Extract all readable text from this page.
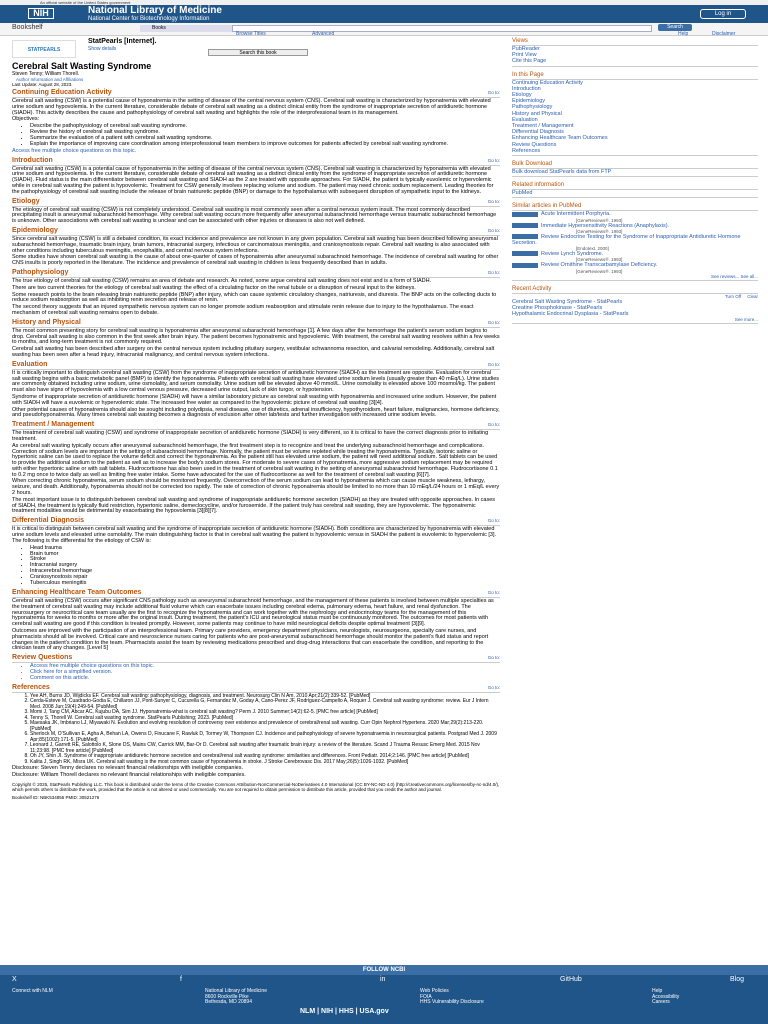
An official website of the United States government
NIH	National Library of Medicine
National Center for Biotechnology Information
Log in
Bookshelf	Books	Search
Browse Titles	Advanced	Help	Disclaimer
STATPEARLS
StatPearls [Internet].
Show details
Search this book
Cerebral Salt Wasting Syndrome
Steven Tenny; William Thorell.
Author Information and Affiliations
Last Update: August 28, 2023.
Continuing Education Activity	Go to:

Cerebral salt wasting (CSW) is a potential cause of hyponatremia in the setting of disease of the central nervous system (CNS). Cerebral salt wasting is characterized by hyponatremia with elevated urine sodium and hypovolemia. In the current literature, considerable debate of cerebral salt wasting as a distinct clinical entity from the syndrome of inappropriate secretion of antidiuretic hormone (SIADH). This activity describes the cause and pathophysiology of cerebral salt wasting and highlights the role of the interprofessional team in its management.

Objectives:

• Describe the pathophysiology of cerebral salt wasting syndrome.
• Review the history of cerebral salt wasting syndrome.
• Summarize the evaluation of a patient with cerebral salt wasting syndrome.
• Explain the importance of improving care coordination among interprofessional team members to improve outcomes for patients affected by cerebral salt wasting syndrome.

Access free multiple choice questions on this topic.

Introduction	Go to:

Cerebral salt wasting (CSW) is a potential cause of hyponatremia in the setting of disease of the central nervous system (CNS). Cerebral salt wasting is characterized by hyponatremia with elevated urine sodium and hypovolemia. In the current literature, considerable debate of cerebral salt wasting as a distinct clinical entity from the syndrome of inappropriate secretion of antidiuretic hormone (SIADH). Fluid status is the main differentiator between cerebral salt wasting and SIADH as the 2 are treated with opposite approaches. For SIADH, the patient is typically euvolemic or hypervolemic while in cerebral salt wasting the patient is hypovolemic. Treatment for CSW generally involves replacing volume and sodium. The patient may need chronic sodium replacement. Leading theories for the pathophysiology of cerebral salt wasting include the release of brain natriuretic peptide (BNP) or damage to the hypothalamus with subsequent disruption of sympathetic input to the kidneys.

Etiology	Go to:

The etiology of cerebral salt wasting (CSW) is not completely understood. Cerebral salt wasting is most commonly seen after a central nervous system insult. The most commonly described precipitating insult is aneurysmal subarachnoid hemorrhage. Why cerebral salt wasting occurs more frequently after aneurysmal subarachnoid hemorrhage versus traumatic subarachnoid hemorrhage is unknown. Other associations with cerebral salt wasting is unclear and can be associated with other injuries or diseases is also not well defined.

Epidemiology	Go to:

Since cerebral salt wasting (CSW) is still a debated condition, its exact incidence and prevalence are not known in any given population. Cerebral salt wasting has been described following aneurysmal subarachnoid hemorrhage, traumatic brain injury, brain tumors, intracranial surgery, infectious or carcinomatous meningitis, and craniosynostosis repair. Cerebral salt wasting is also associated with other conditions including tuberculous meningitis, encephalitis, and central nervous system infections.

Some studies have shown cerebral salt wasting is the cause of about one-quarter of cases of hyponatremia after aneurysmal subarachnoid hemorrhage. The incidence of cerebral salt wasting for other CNS insults is poorly reported in the literature. The incidence and prevalence of cerebral salt wasting in children is less frequently described than in adults.

Pathophysiology	Go to:

The true etiology of cerebral salt wasting (CSW) remains an area of debate and research. As noted, some argue cerebral salt wasting does not exist and is a form of SIADH.

There are two current theories for the etiology of cerebral salt wasting: the effect of a circulating factor on the renal tubule or a disruption of neural input to the kidneys.

Some research points to the brain releasing brain natriuretic peptide (BNP) after injury, which can cause systemic circulatory changes, natriuresis, and diuresis. The BNP acts on the collecting ducts to reduce sodium reabsorption as well as inhibiting renin secretion and release of renin.

The second theory suggests that an injured sympathetic nervous system can no longer promote sodium reabsorption and stimulate renin release due to injury to the hypothalamus. The exact mechanism of cerebral salt wasting remains open to debate.

History and Physical	Go to:

The most common presenting story for cerebral salt wasting is hyponatremia after aneurysmal subarachnoid hemorrhage [1]. A few days after the hemorrhage the patient's serum sodium begins to drop. Cerebral salt wasting is also common in the first week after brain injury. The patient becomes hyponatremic and hypovolemic. With treatment, the cerebral salt wasting resolves within a few weeks to months, and long-term treatment is not commonly required.

Cerebral salt wasting has been described after surgery on the central nervous system including pituitary surgery, vestibular schwannoma resection, and calvarial remodeling. Additionally, cerebral salt wasting has been seen after a head injury, intracranial malignancy, and central nervous system infections.

Evaluation	Go to:

It is critically important to distinguish cerebral salt wasting (CSW) from the syndrome of inappropriate secretion of antidiuretic hormone (SIADH) as the treatment are opposite. Evaluation for cerebral salt wasting begins with a basic metabolic panel (BMP) to identify the hyponatremia. Patients with cerebral salt wasting have elevated urine sodium levels (usually greater than 40 mEq/L). Urine studies are commonly obtained including urine sodium, urine osmolality, and serum osmolality. Urine sodium will be elevated above 40 mmol/L. Urine osmolality is elevated above 100 mosmol/kg. The patient must also have signs of hypovolemia with a low central venous pressure, decreased urine output, lack of skin turgor, or hypotension.

Syndrome of inappropriate secretion of antidiuretic hormone (SIADH) will have a similar laboratory picture as cerebral salt wasting with hyponatremia and increased urine sodium. However, the patient with SIADH will have a euvolemic or hypervolemic state. The increased free water as compared to the hypovolemic picture of cerebral salt wasting [3][4].

Other potential causes of hyponatremia should also be sought including polydipsia, renal disease, use of diuretics, adrenal insufficiency, hypothyroidism, heart failure, malignancies, hormone deficiency, and pseudohyponatremia. Many times cerebral salt wasting becomes a diagnosis of exclusion after other lab/tests and further investigation with increased urine sodium levels.

Treatment / Management	Go to:

The treatment of cerebral salt wasting (CSW) and syndrome of inappropriate secretion of antidiuretic hormone (SIADH) is very different, so it is critical to have the correct diagnosis prior to initiating treatment.

As cerebral salt wasting typically occurs after aneurysmal subarachnoid hemorrhage, the first treatment step is to recognize and treat the underlying subarachnoid hemorrhage and complications. Correction of sodium levels are important in the setting of subarachnoid hemorrhage. Normally, the patient must be volume repleted while treating the hyponatremia. Typically, isotonic saline or hypertonic saline can be used to replace the volume deficit and correct the hyponatremia. As the patient still has elevated urine sodium, the patient will need additional sodium. Salt tablets can be used to provide the additional sodium to the patient as well as to increase the body's sodium stores. For moderate to severe cases of hyponatremia, more aggressive sodium replacement may be required with either hypertonic saline or with salt tablets. Fludrocortisone has also been used in the treatment of cerebral salt wasting in the setting of aneurysmal subarachnoid hemorrhage. Fludrocortisone 0.1 to 0.2 mg once to twice daily as well as limiting free water intake. Some have advocated for the use of fludrocortisone as well for the treatment of cerebral salt wasting [6][7].

When correcting chronic hyponatremia, serum sodium should be monitored frequently. Overcorrection of the serum sodium can lead to hyponatremia which can cause muscle weakness, lethargy, seizure, and death. Additionally, hyponatremia should not be corrected too rapidly. The rate of correction of chronic hyponatremia should be limited to no more than 10 mEq/L/24 hours or 1 mEq/L every 2 hours.

The most important issue is to distinguish between cerebral salt wasting and syndrome of inappropriate antidiuretic hormone secretion (SIADH) as they are treated with opposite approaches. In cases of SIADH, the treatment is typically fluid restriction, hypertonic saline, demeclocycline, and/or furosemide. If the patient truly has cerebral salt wasting, they are hypovolemic. The hyponatremic treatment modalities would be detrimental by exacerbating the hypovolemia [3][8][7].

Differential Diagnosis	Go to:

It is critical to distinguish between cerebral salt wasting and the syndrome of inappropriate secretion of antidiuretic hormone (SIADH). Both conditions are characterized by hyponatremia with elevated urine sodium levels and elevated urine osmolality. The main distinguishing factor is that in cerebral salt wasting the patient is hypovolemic versus in SIADH the patient is euvolemic to hypervolemic [3]. The following is the differential for the etiology of CSW is:

• Head trauma
• Brain tumor
• Stroke
• Intracranial surgery
• Intracerebral hemorrhage
• Craniosynostosis repair
• Tuberculous meningitis
Enhancing Healthcare Team Outcomes	Go to:

Cerebral salt wasting (CSW) occurs after significant CNS pathology such as aneurysmal subarachnoid hemorrhage, and the management of these patients is involved between multiple specialties as the treatment of cerebral salt wasting may include additional fluid volume which can exacerbate issues including cerebral edema, pulmonary edema, heart failure, and renal dysfunction. The neurosurgery or neurocritical care team usually are the first to recognize the hyponatremia and can work together with the nephrology and endocrinology teams for the management of this hyponatremia for weeks to months or more after the original insult. During treatment, the patient's ICU and neurological status must be continuously monitored. The outcomes for most patients with cerebral salt wasting are good if this condition is treated promptly. However, some patients may continue to have mild neurological deficits despite optimal treatment [3][9].

Outcomes are improved with the participation of an interprofessional team. Primary care providers, emergency department physicians, neurologists, neurosurgeons, specialty care nurses, and pharmacists should all be involved. Critical care and neuroscience nurses caring for patients who are post-aneurysmal subarachnoid hemorrhage should monitor the patient's fluid status and report changes in the patient's condition to the team. Pharmacists assist the team by reviewing medications prescribed and drug-drug interactions that can exacerbate the condition, and reporting to the clinician team of any changes. [Level 5]

Review Questions	Go to:
• Access free multiple choice questions on this topic.
• Click here for a simplified version.
• Comment on this article.
References	Go to:
1. Yee AH, Burns JD, Wijdicks EF. Cerebral salt wasting: pathophysiology, diagnosis, and treatment. Neurosurg Clin N Am. 2010 Apr;21(2):339-52. [PubMed]
2. Cerda-Esteve M, Cuadrado-Godia E, Chillaron JJ, Pont-Sunyer C, Cucurella G, Fernandez M, Goday A, Cano-Perez JF, Rodriguez-Campello A, Roquer J. Cerebral salt wasting syndrome: review. Eur J Intern Med. 2008 Jun;19(4):249-54. [PubMed]
3. Momi J, Tang CM, Abcar AC, Kujubu DA, Sim JJ. Hyponatremia-what is cerebral salt wasting? Perm J. 2010 Summer;14(2):62-5. [PMC free article] [PubMed]
4. Tenny S, Thorell W. Cerebral salt wasting syndrome. StatPearls Publishing; 2023. [PubMed]
5. Maesaka JK, Imbriano LJ, Miyawaki N. Evolution and evolving resolution of controversy over existence and prevalence of cerebral/renal salt wasting. Curr Opin Nephrol Hypertens. 2020 Mar;29(2):213-220. [PubMed]
6. Sherlock M, O'Sullivan E, Agha A, Behan LA, Owens D, Finucane F, Rawluk D, Tormey W, Thompson CJ. Incidence and pathophysiology of severe hyponatraemia in neurosurgical patients. Postgrad Med J. 2009 Apr;85(1002):171-5. [PubMed]
7. Leonard J, Garrett RE, Salottolo K, Slone DS, Mains CW, Carrick MM, Bar-Or D. Cerebral salt wasting after traumatic brain injury: a review of the literature. Scand J Trauma Resusc Emerg Med. 2015 Nov 11;23:98. [PMC free article] [PubMed]
8. Oh JY, Shin JI. Syndrome of inappropriate antidiuretic hormone secretion and cerebral/renal salt wasting syndrome: similarities and differences. Front Pediatr. 2014;2:146. [PMC free article] [PubMed]
9. Kalita J, Singh RK, Misra UK. Cerebral salt wasting is the most common cause of hyponatremia in stroke. J Stroke Cerebrovasc Dis. 2017 May;26(5):1026-1032. [PubMed]

Disclosure: Steven Tenny declares no relevant financial relationships with ineligible companies.

Disclosure: William Thorell declares no relevant financial relationships with ineligible companies.

Copyright © 2025, StatPearls Publishing LLC. This book is distributed under the terms of the Creative Commons Attribution-NonCommercial-NoDerivatives 4.0 International (CC BY-NC-ND 4.0) (http://creativecommons.org/licenses/by-nc-nd/4.0/), which permits others to distribute the work, provided that the article is not altered or used commercially. You are not required to obtain permission to distribute this article, provided that you credit the author and journal.
Bookshelf ID: NBK534855 PMID: 30521276
Views
PubReader
Print View
Cite this Page
In this Page
Continuing Education Activity
Introduction
Etiology
Epidemiology
Pathophysiology
History and Physical
Evaluation
Treatment / Management
Differential Diagnosis
Enhancing Healthcare Team Outcomes
Review Questions
References
Bulk Download
Bulk download StatPearls data from FTP
Related information
PubMed
Similar articles in PubMed
Acute Intermittent Porphyria.
[GeneReviews®. 1993]
Immediate Hypersensitivity Reactions (Anaphylaxis).
[GeneReviews®. 1993]
Review Endocrine Testing for the Syndrome of Inappropriate Antidiuretic Hormone Secretion.
[Endotext. 2000]
Review Lynch Syndrome.
[GeneReviews®. 1993]
Review Ornithine Transcarbamylase Deficiency.
[GeneReviews®. 1993]
See reviews... See all...
Recent Activity
Turn Off Clear
Cerebral Salt Wasting Syndrome - StatPearls
Creatine Phosphokinase - StatPearls
Hypothalamic Endocrinal Dysplasia - StatPearls
See more...
FOLLOW NCBI
X	f	in	GitHub	Blog
Connect with NLM	National Library of Medicine
8600 Rockville Pike
Bethesda, MD 20894
Web Policies
FOIA
HHS Vulnerability Disclosure
Help
Accessibility
Careers
NLM | NIH | HHS | USA.gov
